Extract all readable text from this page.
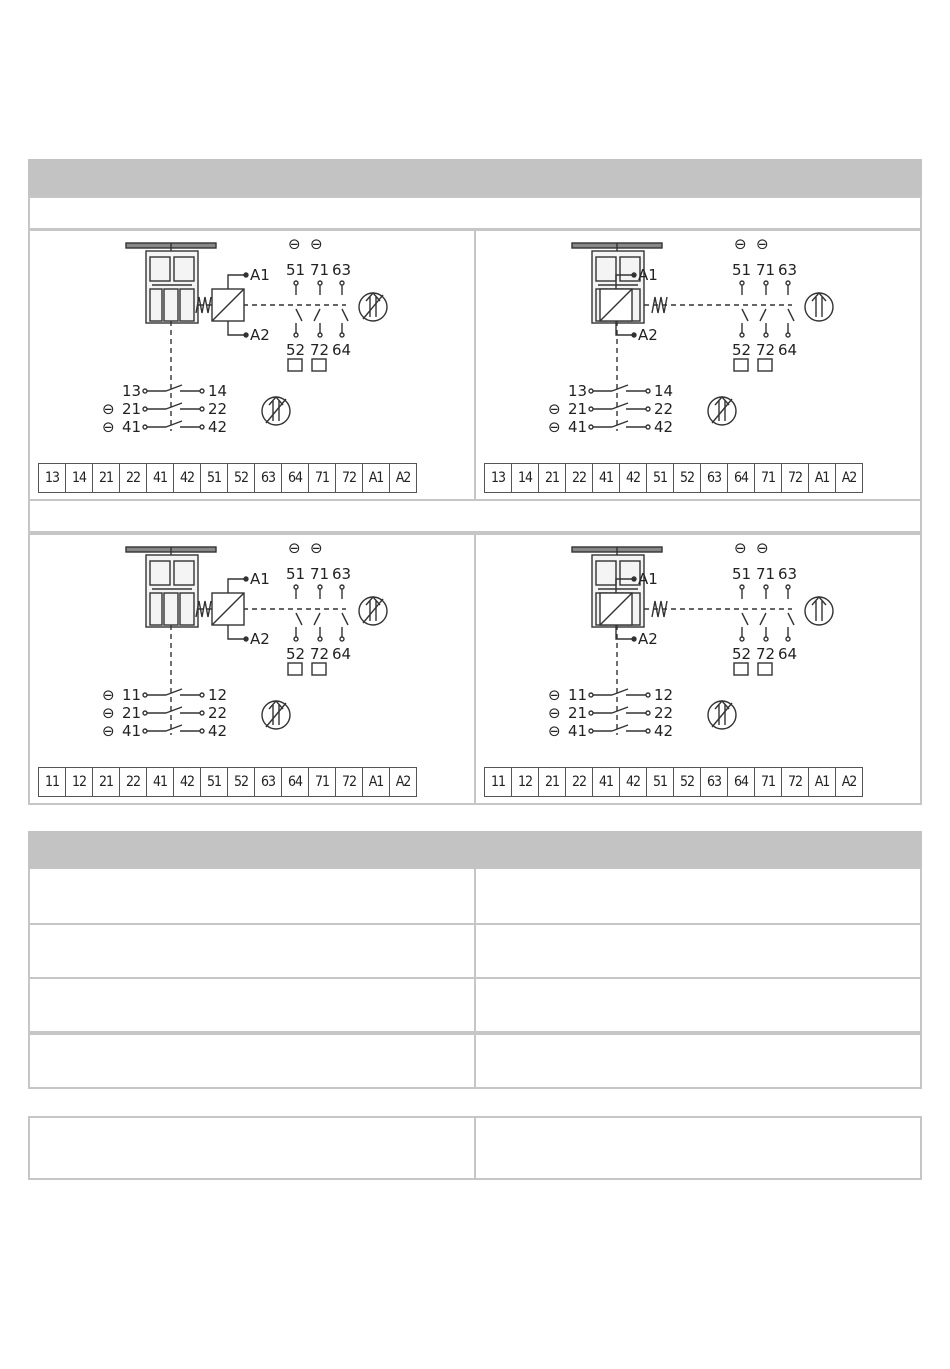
A1
A2
⊖ ⊖
51 71 63
52 72 64
13	14
⊖ 21	22
⊖ 41	42
13 14 21 22 41 42 51 52 63 64 71 72 A1 A2
A1
A2
⊖ ⊖
51 71 63
52 72 64
13	14
⊖ 21	22
⊖ 41	42
13 14 21 22 41 42 51 52 63 64 71 72 A1 A2
A1
A2
⊖ ⊖
51 71 63
52 72 64
⊖ 11	12
⊖ 21	22
⊖ 41	42
11 12 21 22 41 42 51 52 63 64 71 72 A1 A2
A1
A2
⊖ ⊖
51 71 63
52 72 64
⊖ 11	12
⊖ 21	22
⊖ 41	42
11 12 21 22 41 42 51 52 63 64 71 72 A1 A2
